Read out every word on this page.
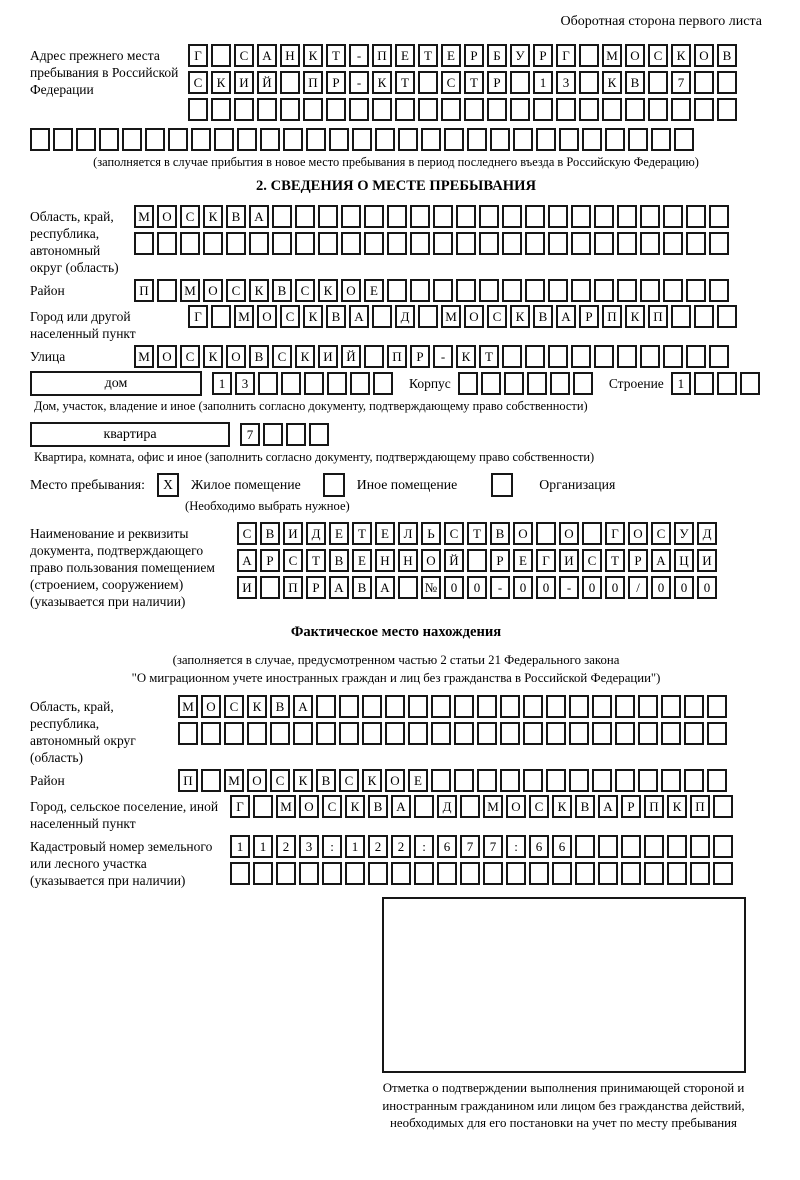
Оборотная сторона первого листа
Адрес прежнего места пребывания в Российской Федерации
Г	С	А	Н	К	Т	-	П	Е	Т	Е	Р	Б	У	Р	Г	М О	С	К	О	В
С	К	И	Й	П	Р	-	К	Т	С	Т	Р	1	3	К	В	7
(заполняется в случае прибытия в новое место пребывания в период последнего въезда в Российскую Федерацию)
2. СВЕДЕНИЯ О МЕСТЕ ПРЕБЫВАНИЯ
Область, край, республика, автономный округ (область)
М О	С	К	В	А
Район	П	М О	С	К	В	С	К	О	Е
Город или другой населенный пункт
Г	М О	С	К	В	А	Д	М О	С	К	В	А	Р	П	К	П
Улица	М О	С	К	О	В	С	К	И	Й	П	Р	-	К	Т
дом	1	3	Корпус	Строение	1
Дом, участок, владение и иное (заполнить согласно документу, подтверждающему право собственности)
квартира	7
Квартира, комната, офис и иное (заполнить согласно документу, подтверждающему право собственности)
Место пребывания:	X	Жилое помещение	Иное помещение	Организация
(Необходимо выбрать нужное)
Наименование и реквизиты документа, подтверждающего право пользования помещением (строением, сооружением) (указывается при наличии)
С	В	И	Д	Е	Т	Е	Л	Ь	С	Т	В	О	О	Г	О	С	У	Д
А	Р	С	Т	В	Е	Н	Н	О	Й	Р	Е	Г	И	С	Т	Р	А	Ц	И
И	П	Р	А	В	А	№	0	0	-	0	0	-	0	0	/	0	0	0
Фактическое место нахождения
(заполняется в случае, предусмотренном частью 2 статьи 21 Федерального закона
"О миграционном учете иностранных граждан и лиц без гражданства в Российской Федерации")
Область, край, республика, автономный округ (область)
М О	С	К	В	А
Район	П	М О	С	К	В	С	К	О	Е
Город, сельское поселение, иной населенный пункт
Г	М О	С	К	В	А	Д	М О	С	К	В	А	Р	П	К	П
Кадастровый номер земельного или лесного участка (указывается при наличии)
1	1	2	3	:	1	2	2	:	6	7	7	:	6	6
Отметка о подтверждении выполнения принимающей стороной и иностранным гражданином или лицом без гражданства действий, необходимых для его постановки на учет по месту пребывания
